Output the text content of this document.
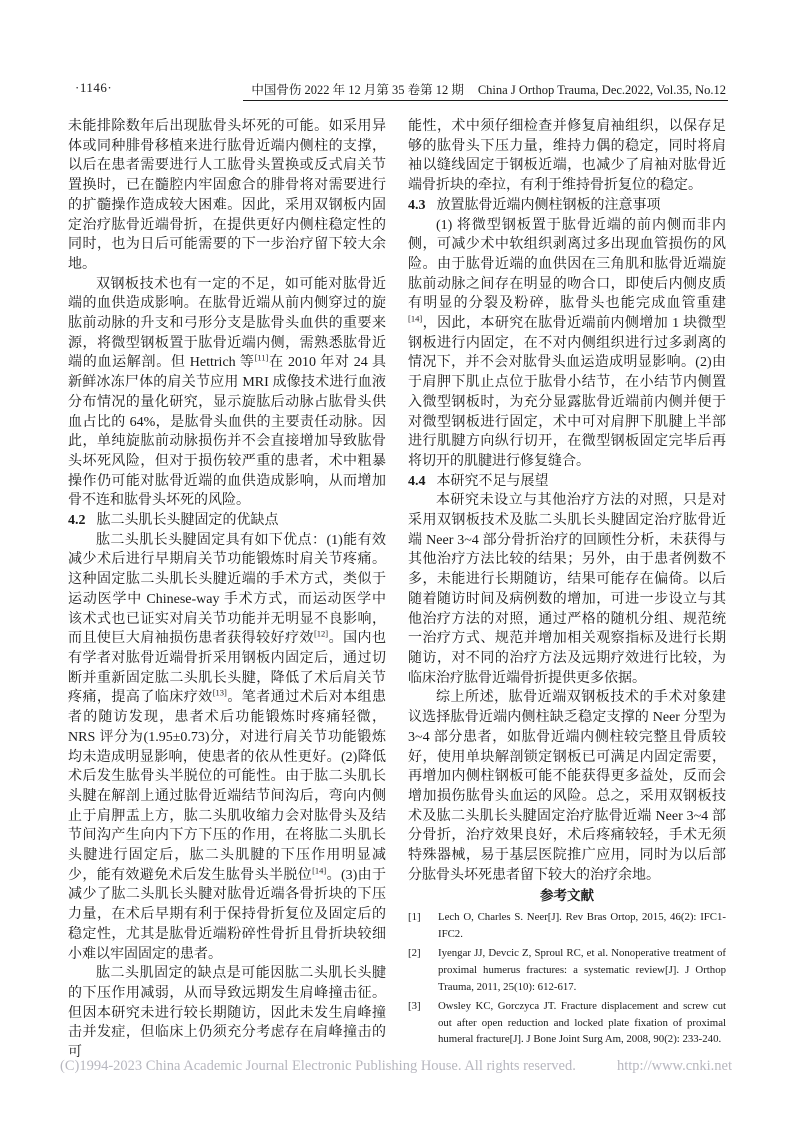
·1146·	中国骨伤 2022 年 12 月第 35 卷第 12 期 China J Orthop Trauma, Dec.2022, Vol.35, No.12

未能排除数年后出现肱骨头坏死的可能。如采用异体或同种腓骨移植来进行肱骨近端内侧柱的支撑，以后在患者需要进行人工肱骨头置换或反式肩关节置换时，已在髓腔内牢固愈合的腓骨将对需要进行的扩髓操作造成较大困难。因此，采用双钢板内固定治疗肱骨近端骨折，在提供更好内侧柱稳定性的同时，也为日后可能需要的下一步治疗留下较大余地。

双钢板技术也有一定的不足，如可能对肱骨近端的血供造成影响。在肱骨近端从前内侧穿过的旋肱前动脉的升支和弓形分支是肱骨头血供的重要来源，将微型钢板置于肱骨近端内侧，需熟悉肱骨近端的血运解剖。但 Hettrich 等[11]在 2010 年对 24 具新鲜冰冻尸体的肩关节应用 MRI 成像技术进行血液分布情况的量化研究，显示旋肱后动脉占肱骨头供血占比的 64%，是肱骨头血供的主要责任动脉。因此，单纯旋肱前动脉损伤并不会直接增加导致肱骨头坏死风险，但对于损伤较严重的患者，术中粗暴操作仍可能对肱骨近端的血供造成影响，从而增加骨不连和肱骨头坏死的风险。

4.2 肱二头肌长头腱固定的优缺点

肱二头肌长头腱固定具有如下优点：(1)能有效减少术后进行早期肩关节功能锻炼时肩关节疼痛。这种固定肱二头肌长头腱近端的手术方式，类似于运动医学中 Chinese-way 手术方式，而运动医学中该术式也已证实对肩关节功能并无明显不良影响，而且使巨大肩袖损伤患者获得较好疗效[12]。国内也有学者对肱骨近端骨折采用钢板内固定后，通过切断并重新固定肱二头肌长头腱，降低了术后肩关节疼痛，提高了临床疗效[13]。笔者通过术后对本组患者的随访发现，患者术后功能锻炼时疼痛轻微，NRS 评分为(1.95±0.73)分，对进行肩关节功能锻炼均未造成明显影响，使患者的依从性更好。(2)降低术后发生肱骨头半脱位的可能性。由于肱二头肌长头腱在解剖上通过肱骨近端结节间沟后，弯向内侧止于肩胛盂上方，肱二头肌收缩力会对肱骨头及结节间沟产生向内下方下压的作用，在将肱二头肌长头腱进行固定后，肱二头肌腱的下压作用明显减少，能有效避免术后发生肱骨头半脱位[14]。(3)由于减少了肱二头肌长头腱对肱骨近端各骨折块的下压力量，在术后早期有利于保持骨折复位及固定后的稳定性，尤其是肱骨近端粉碎性骨折且骨折块较细小难以牢固固定的患者。

肱二头肌固定的缺点是可能因肱二头肌长头腱的下压作用减弱，从而导致远期发生肩峰撞击征。但因本研究未进行较长期随访，因此未发生肩峰撞击并发症，但临床上仍须充分考虑存在肩峰撞击的可

能性，术中须仔细检查并修复肩袖组织，以保存足够的肱骨头下压力量，维持力偶的稳定，同时将肩袖以缝线固定于钢板近端，也减少了肩袖对肱骨近端骨折块的牵拉，有利于维持骨折复位的稳定。

4.3 放置肱骨近端内侧柱钢板的注意事项

(1) 将微型钢板置于肱骨近端的前内侧而非内侧，可减少术中软组织剥离过多出现血管损伤的风险。由于肱骨近端的血供因在三角肌和肱骨近端旋肱前动脉之间存在明显的吻合口，即使后内侧皮质有明显的分裂及粉碎，肱骨头也能完成血管重建[14]，因此，本研究在肱骨近端前内侧增加 1 块微型钢板进行内固定，在不对内侧组织进行过多剥离的情况下，并不会对肱骨头血运造成明显影响。(2)由于肩胛下肌止点位于肱骨小结节，在小结节内侧置入微型钢板时，为充分显露肱骨近端前内侧并便于对微型钢板进行固定，术中可对肩胛下肌腱上半部进行肌腱方向纵行切开，在微型钢板固定完毕后再将切开的肌腱进行修复缝合。

4.4 本研究不足与展望

本研究未设立与其他治疗方法的对照，只是对采用双钢板技术及肱二头肌长头腱固定治疗肱骨近端 Neer 3~4 部分骨折治疗的回顾性分析，未获得与其他治疗方法比较的结果；另外，由于患者例数不多，未能进行长期随访，结果可能存在偏倚。以后随着随访时间及病例数的增加，可进一步设立与其他治疗方法的对照，通过严格的随机分组、规范统一治疗方式、规范并增加相关观察指标及进行长期随访，对不同的治疗方法及远期疗效进行比较，为临床治疗肱骨近端骨折提供更多依据。

综上所述，肱骨近端双钢板技术的手术对象建议选择肱骨近端内侧柱缺乏稳定支撑的 Neer 分型为 3~4 部分患者，如肱骨近端内侧柱较完整且骨质较好，使用单块解剖锁定钢板已可满足内固定需要，再增加内侧柱钢板可能不能获得更多益处，反而会增加损伤肱骨头血运的风险。总之，采用双钢板技术及肱二头肌长头腱固定治疗肱骨近端 Neer 3~4 部分骨折，治疗效果良好，术后疼痛较轻，手术无须特殊器械，易于基层医院推广应用，同时为以后部分肱骨头坏死患者留下较大的治疗余地。

参考文献
[1] Lech O, Charles S. Neer[J]. Rev Bras Ortop, 2015, 46(2): IFC1-IFC2.
[2] Iyengar JJ, Devcic Z, Sproul RC, et al. Nonoperative treatment of proximal humerus fractures: a systematic review[J]. J Orthop Trauma, 2011, 25(10): 612-617.
[3] Owsley KC, Gorczyca JT. Fracture displacement and screw cut out after open reduction and locked plate fixation of proximal humeral fracture[J]. J Bone Joint Surg Am, 2008, 90(2): 233-240.
(C)1994-2023 China Academic Journal Electronic Publishing House. All rights reserved.	http://www.cnki.net
